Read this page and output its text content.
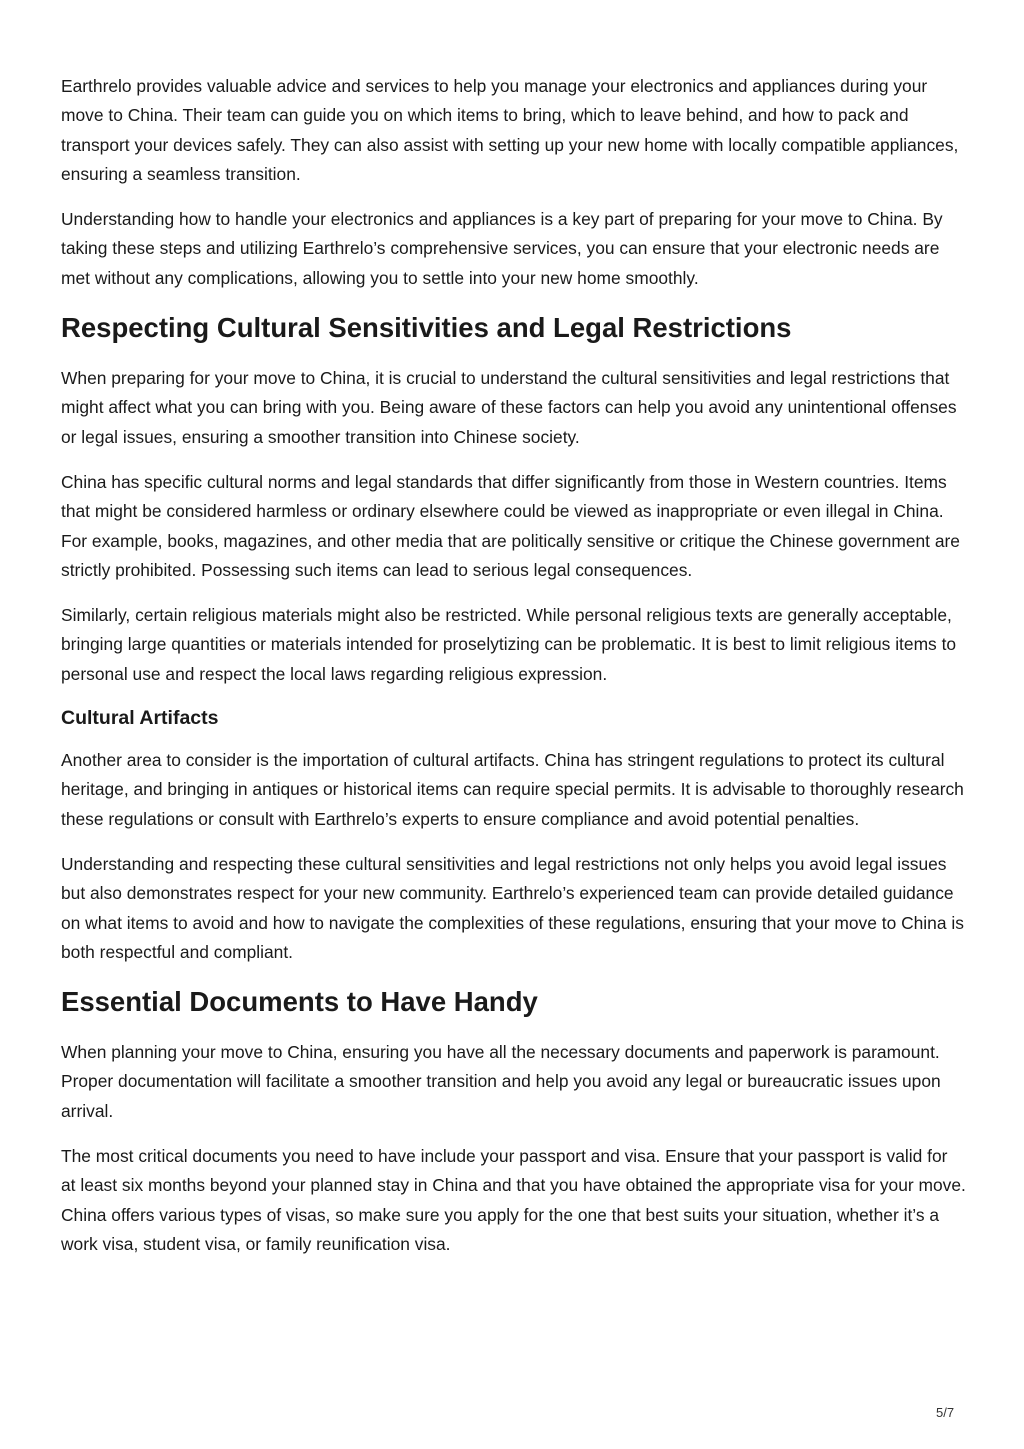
Earthrelo provides valuable advice and services to help you manage your electronics and appliances during your move to China. Their team can guide you on which items to bring, which to leave behind, and how to pack and transport your devices safely. They can also assist with setting up your new home with locally compatible appliances, ensuring a seamless transition.

Understanding how to handle your electronics and appliances is a key part of preparing for your move to China. By taking these steps and utilizing Earthrelo’s comprehensive services, you can ensure that your electronic needs are met without any complications, allowing you to settle into your new home smoothly.

Respecting Cultural Sensitivities and Legal Restrictions

When preparing for your move to China, it is crucial to understand the cultural sensitivities and legal restrictions that might affect what you can bring with you. Being aware of these factors can help you avoid any unintentional offenses or legal issues, ensuring a smoother transition into Chinese society.

China has specific cultural norms and legal standards that differ significantly from those in Western countries. Items that might be considered harmless or ordinary elsewhere could be viewed as inappropriate or even illegal in China. For example, books, magazines, and other media that are politically sensitive or critique the Chinese government are strictly prohibited. Possessing such items can lead to serious legal consequences.

Similarly, certain religious materials might also be restricted. While personal religious texts are generally acceptable, bringing large quantities or materials intended for proselytizing can be problematic. It is best to limit religious items to personal use and respect the local laws regarding religious expression.

Cultural Artifacts

Another area to consider is the importation of cultural artifacts. China has stringent regulations to protect its cultural heritage, and bringing in antiques or historical items can require special permits. It is advisable to thoroughly research these regulations or consult with Earthrelo’s experts to ensure compliance and avoid potential penalties.

Understanding and respecting these cultural sensitivities and legal restrictions not only helps you avoid legal issues but also demonstrates respect for your new community. Earthrelo’s experienced team can provide detailed guidance on what items to avoid and how to navigate the complexities of these regulations, ensuring that your move to China is both respectful and compliant.

Essential Documents to Have Handy

When planning your move to China, ensuring you have all the necessary documents and paperwork is paramount. Proper documentation will facilitate a smoother transition and help you avoid any legal or bureaucratic issues upon arrival.

The most critical documents you need to have include your passport and visa. Ensure that your passport is valid for at least six months beyond your planned stay in China and that you have obtained the appropriate visa for your move. China offers various types of visas, so make sure you apply for the one that best suits your situation, whether it’s a work visa, student visa, or family reunification visa.

5/7
